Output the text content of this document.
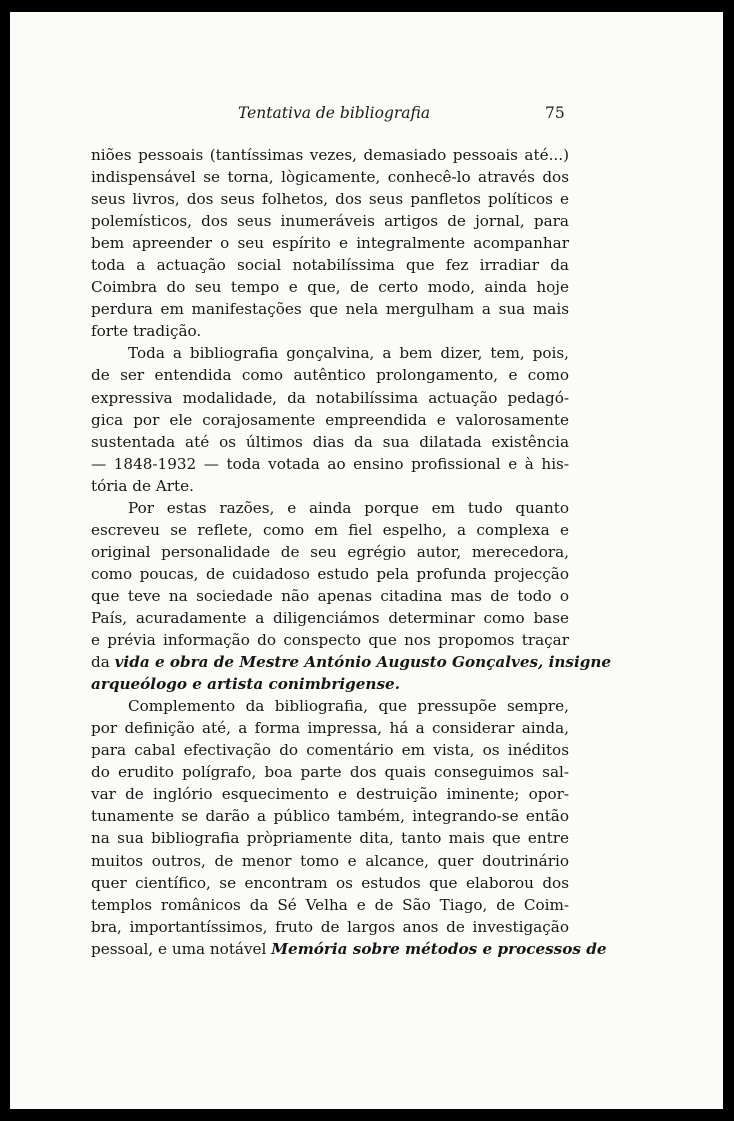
Tentativa de bibliografia	75
niões pessoais (tantíssimas vezes, demasiado pessoais até...)
indispensável se torna, lògicamente, conhecê-lo através dos
seus livros, dos seus folhetos, dos seus panfletos políticos e
polemísticos, dos seus inumeráveis artigos de jornal, para
bem apreender o seu espírito e integralmente acompanhar
toda a actuação social notabilíssima que fez irradiar da
Coimbra do seu tempo e que, de certo modo, ainda hoje
perdura em manifestações que nela mergulham a sua mais
forte tradição.
Toda a bibliografia gonçalvina, a bem dizer, tem, pois,
de ser entendida como autêntico prolongamento, e como
expressiva modalidade, da notabilíssima actuação pedagó-
gica por ele corajosamente empreendida e valorosamente
sustentada até os últimos dias da sua dilatada existência
— 1848-1932 — toda votada ao ensino profissional e à his-
tória de Arte.
Por estas razões, e ainda porque em tudo quanto
escreveu se reflete, como em fiel espelho, a complexa e
original personalidade de seu egrégio autor, merecedora,
como poucas, de cuidadoso estudo pela profunda projecção
que teve na sociedade não apenas citadina mas de todo o
País, acuradamente a diligenciámos determinar como base
e prévia informação do conspecto que nos propomos traçar
da vida e obra de Mestre António Augusto Gonçalves, insigne
arqueólogo e artista conimbrigense.
Complemento da bibliografia, que pressupõe sempre,
por definição até, a forma impressa, há a considerar ainda,
para cabal efectivação do comentário em vista, os inéditos
do erudito polígrafo, boa parte dos quais conseguimos sal-
var de inglório esquecimento e destruição iminente; opor-
tunamente se darão a público também, integrando-se então
na sua bibliografia pròpriamente dita, tanto mais que entre
muitos outros, de menor tomo e alcance, quer doutrinário
quer científico, se encontram os estudos que elaborou dos
templos românicos da Sé Velha e de São Tiago, de Coim-
bra, importantíssimos, fruto de largos anos de investigação
pessoal, e uma notável Memória sobre métodos e processos de
